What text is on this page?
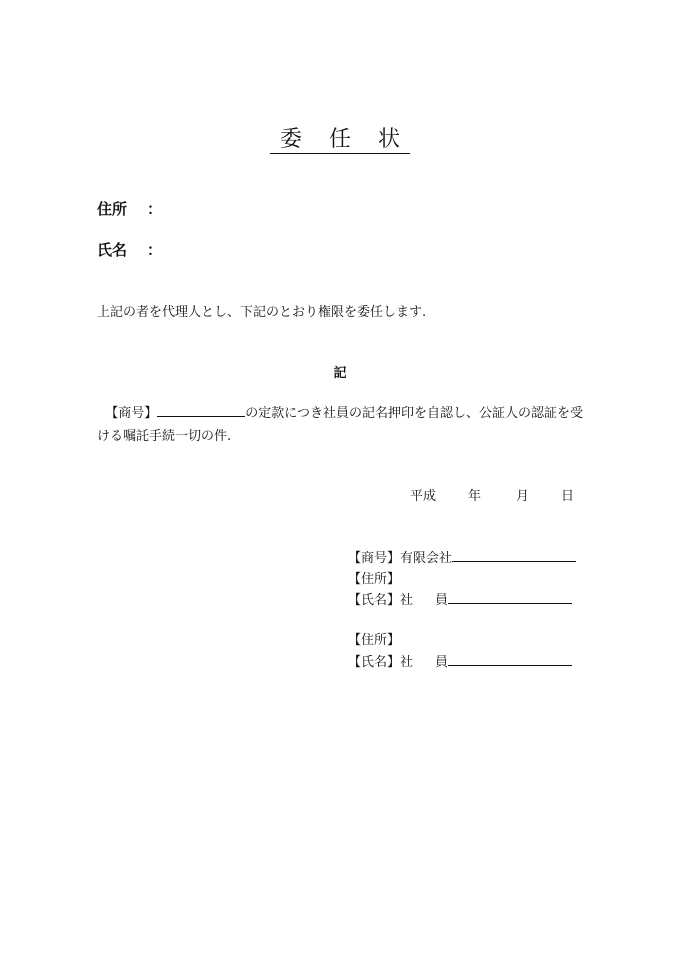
委 任 状
住所 ：
氏名 ：
上記の者を代理人とし、下記のとおり権限を委任します.
記
【商号】	の定款につき社員の記名押印を自認し、公証人の認証を受
ける嘱託手続一切の件.
平成 年	月 日
【商号】有限会社
【住所】
【氏名】社 員
【住所】
【氏名】社 員
